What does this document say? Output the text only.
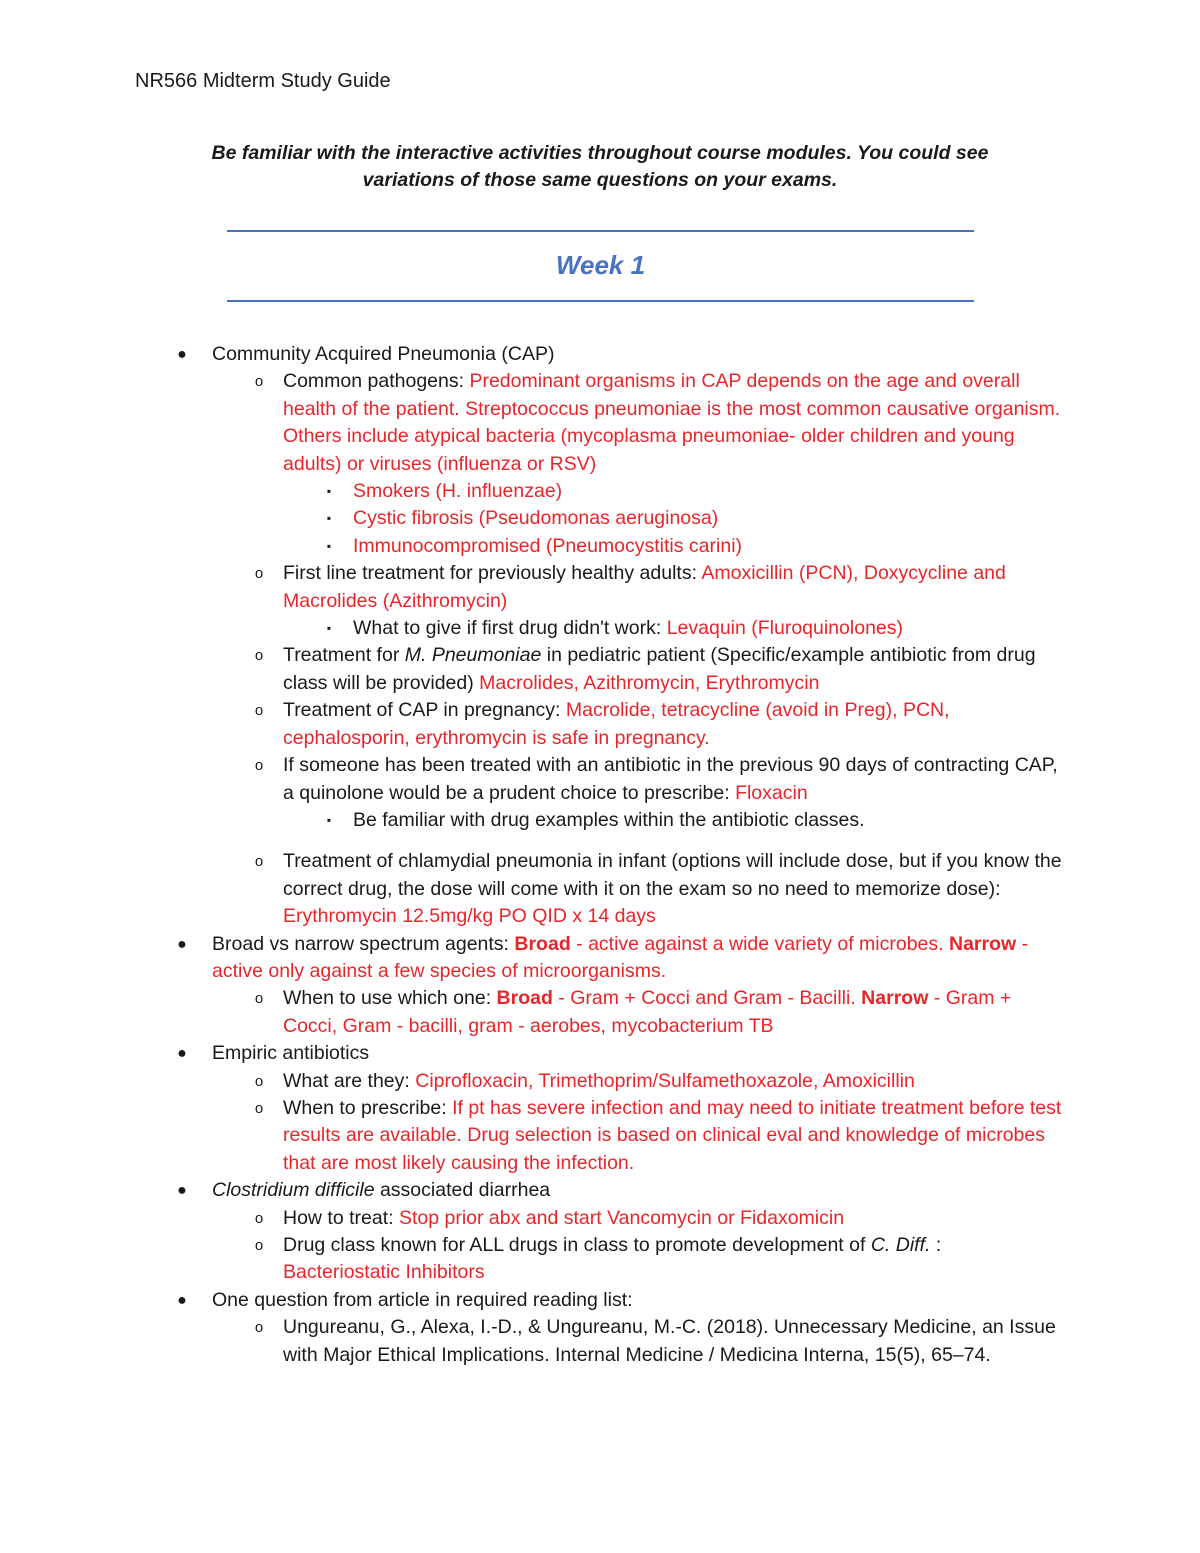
NR566 Midterm Study Guide
Be familiar with the interactive activities throughout course modules. You could see
variations of those same questions on your exams.
Week 1
● Community Acquired Pneumonia (CAP)
o Common pathogens: Predominant organisms in CAP depends on the age and overall health of the patient. Streptococcus pneumoniae is the most common causative organism. Others include atypical bacteria (mycoplasma pneumoniae- older children and young adults) or viruses (influenza or RSV)
▪	Smokers (H. influenzae)
▪	Cystic fibrosis (Pseudomonas aeruginosa)
▪	Immunocompromised (Pneumocystitis carini)
o First line treatment for previously healthy adults: Amoxicillin (PCN), Doxycycline and Macrolides (Azithromycin)
▪	What to give if first drug didn't work: Levaquin (Fluroquinolones)
o Treatment for M. Pneumoniae in pediatric patient (Specific/example antibiotic from drug class will be provided) Macrolides, Azithromycin, Erythromycin
o Treatment of CAP in pregnancy: Macrolide, tetracycline (avoid in Preg), PCN, cephalosporin, erythromycin is safe in pregnancy.
o If someone has been treated with an antibiotic in the previous 90 days of contracting CAP, a quinolone would be a prudent choice to prescribe: Floxacin
▪	Be familiar with drug examples within the antibiotic classes.
o Treatment of chlamydial pneumonia in infant (options will include dose, but if you know the correct drug, the dose will come with it on the exam so no need to memorize dose): Erythromycin 12.5mg/kg PO QID x 14 days
● Broad vs narrow spectrum agents: Broad - active against a wide variety of microbes. Narrow - active only against a few species of microorganisms.
o When to use which one: Broad - Gram + Cocci and Gram - Bacilli. Narrow - Gram + Cocci, Gram - bacilli, gram - aerobes, mycobacterium TB
● Empiric antibiotics
o What are they: Ciprofloxacin, Trimethoprim/Sulfamethoxazole, Amoxicillin
o When to prescribe: If pt has severe infection and may need to initiate treatment before test results are available. Drug selection is based on clinical eval and knowledge of microbes that are most likely causing the infection.
● Clostridium difficile associated diarrhea
o How to treat: Stop prior abx and start Vancomycin or Fidaxomicin
o Drug class known for ALL drugs in class to promote development of C. Diff. : Bacteriostatic Inhibitors
● One question from article in required reading list:
o Ungureanu, G., Alexa, I.-D., & Ungureanu, M.-C. (2018). Unnecessary Medicine, an Issue with Major Ethical Implications. Internal Medicine / Medicina Interna, 15(5), 65–74.
